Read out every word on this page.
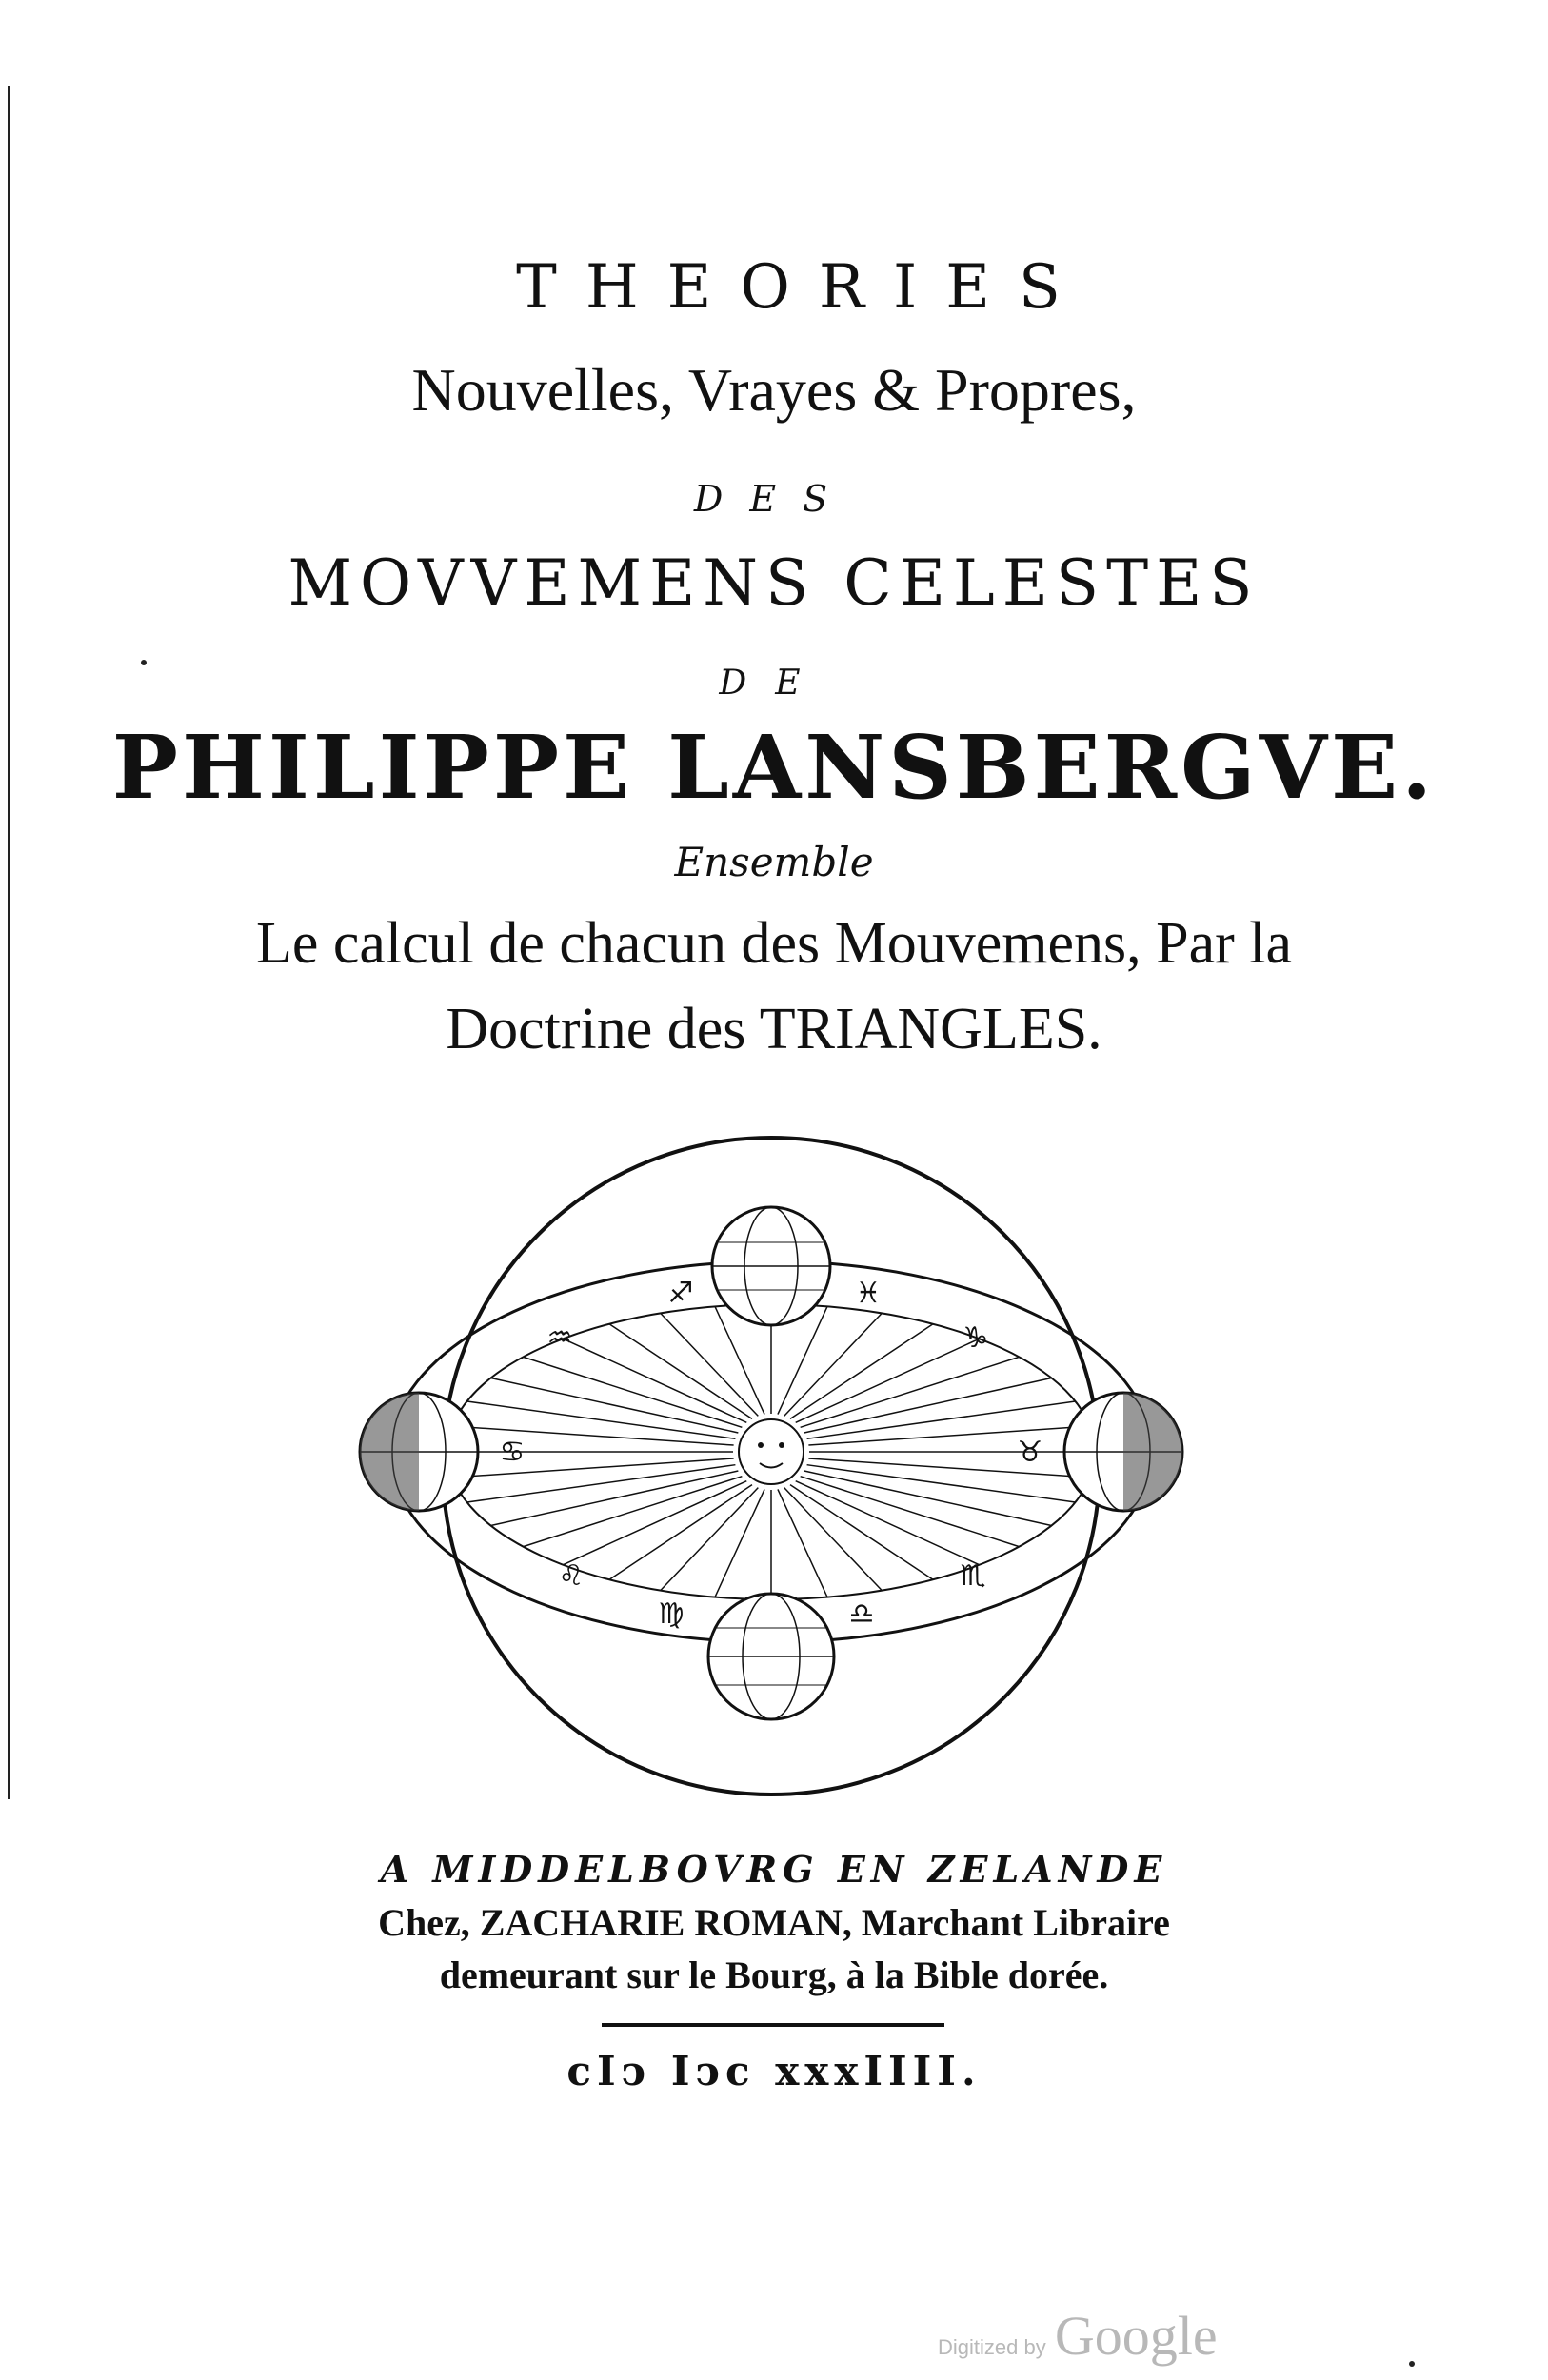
THEORIES
Nouvelles, Vrayes & Propres,
DES
MOVVEMENS CELESTES
DE
PHILIPPE LANSBERGVE.
Ensemble
Le calcul de chacun des Mouvemens, Par la
Doctrine des TRIANGLES.
♒
♐	♓
♑
♋
♌
♍	♎
♉
♏
A MIDDELBOVRG EN ZELANDE
Chez, ZACHARIE ROMAN, Marchant Libraire
demeurant sur le Bourg, à la Bible dorée.
cIↄ Iↄc xxxIIII.
Digitized by Google
